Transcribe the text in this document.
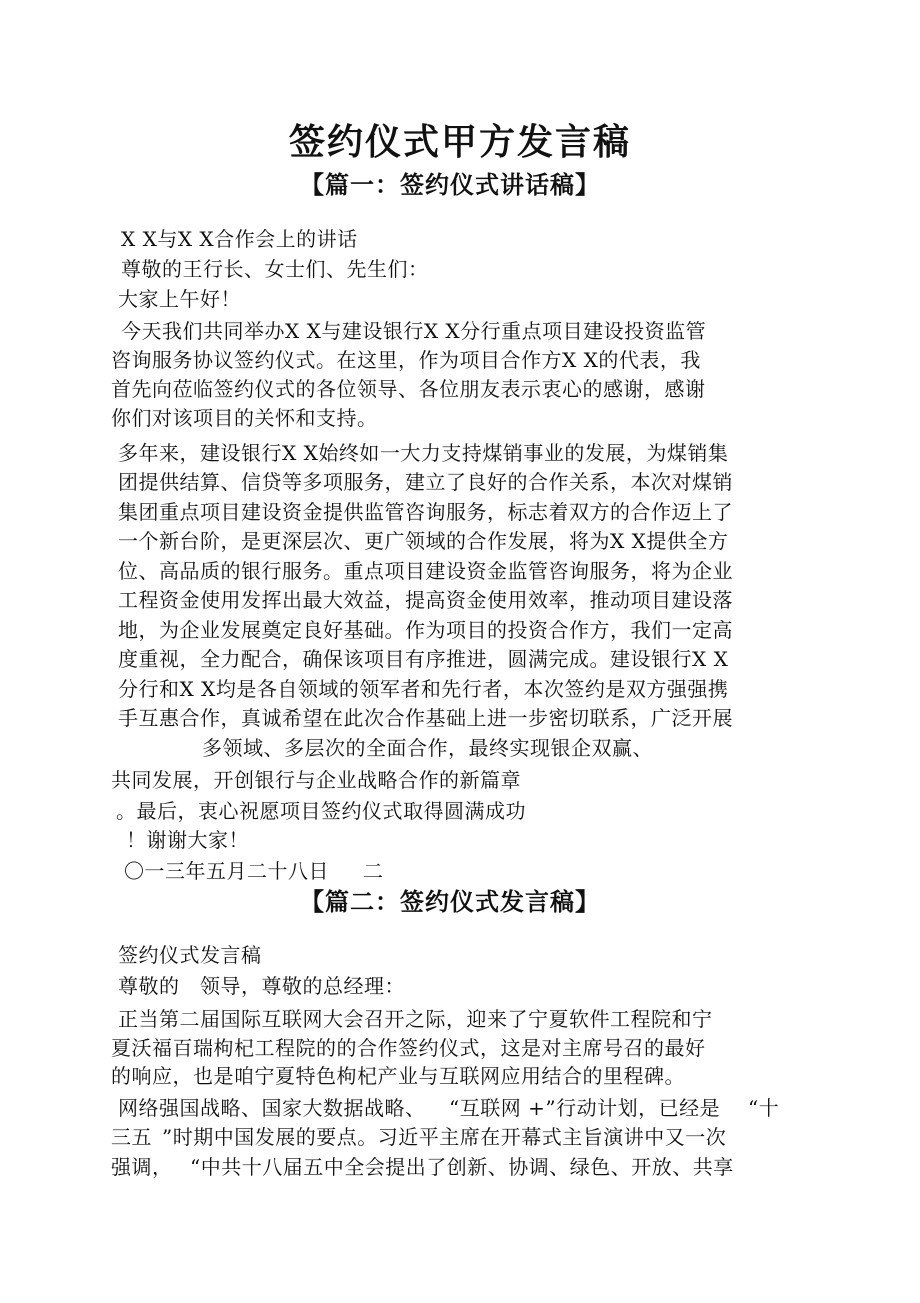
签约仪式甲方发言稿
【篇一：签约仪式讲话稿】

X X与X X合作会上的讲话

尊敬的王行长、女士们、先生们：

大家上午好！

今天我们共同举办X X与建设银行X X分行重点项目建设投资监管

咨询服务协议签约仪式。在这里，作为项目合作方X X的代表，我

首先向莅临签约仪式的各位领导、各位朋友表示衷心的感谢，感谢

你们对该项目的关怀和支持。

多年来，建设银行X X始终如一大力支持煤销事业的发展，为煤销集

团提供结算、信贷等多项服务，建立了良好的合作关系，本次对煤销

集团重点项目建设资金提供监管咨询服务，标志着双方的合作迈上了

一个新台阶，是更深层次、更广领域的合作发展，将为X X提供全方

位、高品质的银行服务。重点项目建设资金监管咨询服务，将为企业

工程资金使用发挥出最大效益，提高资金使用效率，推动项目建设落

地，为企业发展奠定良好基础。作为项目的投资合作方，我们一定高

度重视，全力配合，确保该项目有序推进，圆满完成。建设银行X X

分行和X X均是各自领域的领军者和先行者，本次签约是双方强强携

手互惠合作，真诚希望在此次合作基础上进一步密切联系，广泛开展

多领域、多层次的全面合作，最终实现银企双赢、

共同发展，开创银行与企业战略合作的新篇章

。最后，衷心祝愿项目签约仪式取得圆满成功

！谢谢大家！

〇一三年五月二十八日 二

【篇二：签约仪式发言稿】

签约仪式发言稿

尊敬的 领导，尊敬的总经理：

正当第二届国际互联网大会召开之际，迎来了宁夏软件工程院和宁

夏沃福百瑞枸杞工程院的的合作签约仪式，这是对主席号召的最好

的响应，也是咱宁夏特色枸杞产业与互联网应用结合的里程碑。

网络强国战略、国家大数据战略、 “互联网 +”行动计划，已经是 “十

三五 ”时期中国发展的要点。习近平主席在开幕式主旨演讲中又一次

强调， “中共十八届五中全会提出了创新、协调、绿色、开放、共享
